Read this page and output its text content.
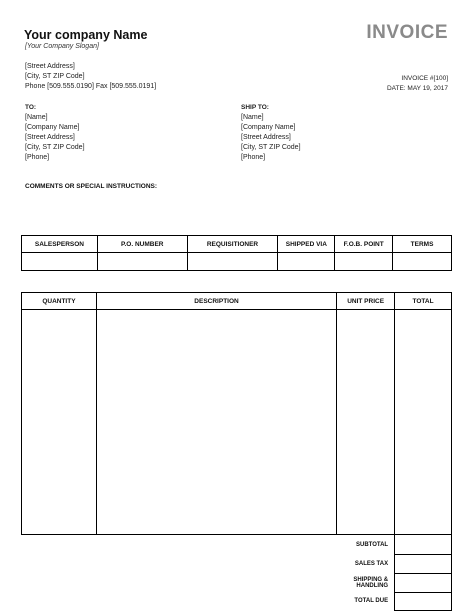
Your company Name
[Your Company Slogan]
[Street Address]
[City, ST ZIP Code]
Phone [509.555.0190] Fax [509.555.0191]
INVOICE
INVOICE #[100]
DATE: MAY 19, 2017
TO:
[Name]
[Company Name]
[Street Address]
[City, ST ZIP Code]
[Phone]
SHIP TO:
[Name]
[Company Name]
[Street Address]
[City, ST ZIP Code]
[Phone]
COMMENTS OR SPECIAL INSTRUCTIONS:
SALESPERSON	P.O. NUMBER	REQUISITIONER	SHIPPED VIA	F.O.B. POINT	TERMS

QUANTITY	DESCRIPTION	UNIT PRICE	TOTAL

		SUBTOTAL	
		SALES TAX	
		SHIPPING & HANDLING	
		TOTAL DUE	
